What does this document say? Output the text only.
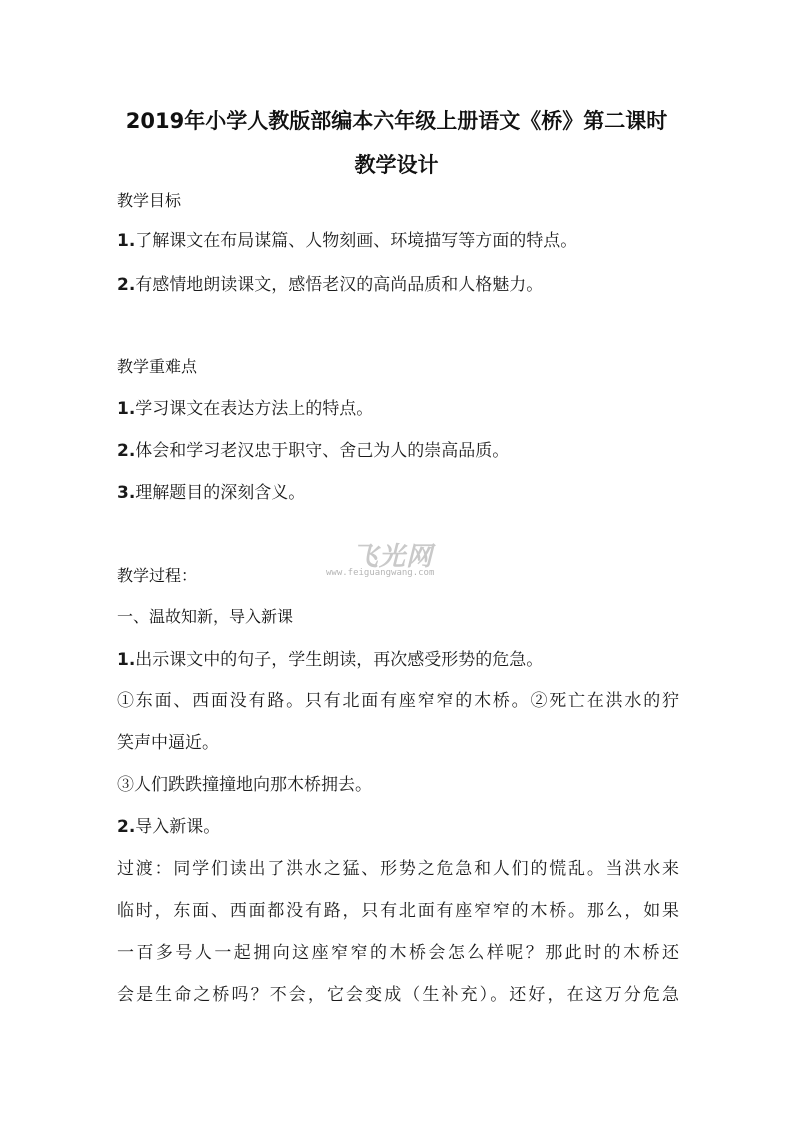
2019年小学人教版部编本六年级上册语文《桥》第二课时
教学设计
教学目标
1.了解课文在布局谋篇、人物刻画、环境描写等方面的特点。
2.有感情地朗读课文，感悟老汉的高尚品质和人格魅力。
教学重难点
1.学习课文在表达方法上的特点。
2.体会和学习老汉忠于职守、舍己为人的崇高品质。
3.理解题目的深刻含义。
飞光网
www.feiguangwang.com
教学过程：
一、温故知新，导入新课
1.出示课文中的句子，学生朗读，再次感受形势的危急。
①东面、西面没有路。只有北面有座窄窄的木桥。②死亡在洪水的狞
笑声中逼近。
③人们跌跌撞撞地向那木桥拥去。
2.导入新课。
过渡：同学们读出了洪水之猛、形势之危急和人们的慌乱。当洪水来
临时，东面、西面都没有路，只有北面有座窄窄的木桥。那么，如果
一百多号人一起拥向这座窄窄的木桥会怎么样呢？那此时的木桥还
会是生命之桥吗？不会，它会变成（生补充）。还好，在这万分危急
